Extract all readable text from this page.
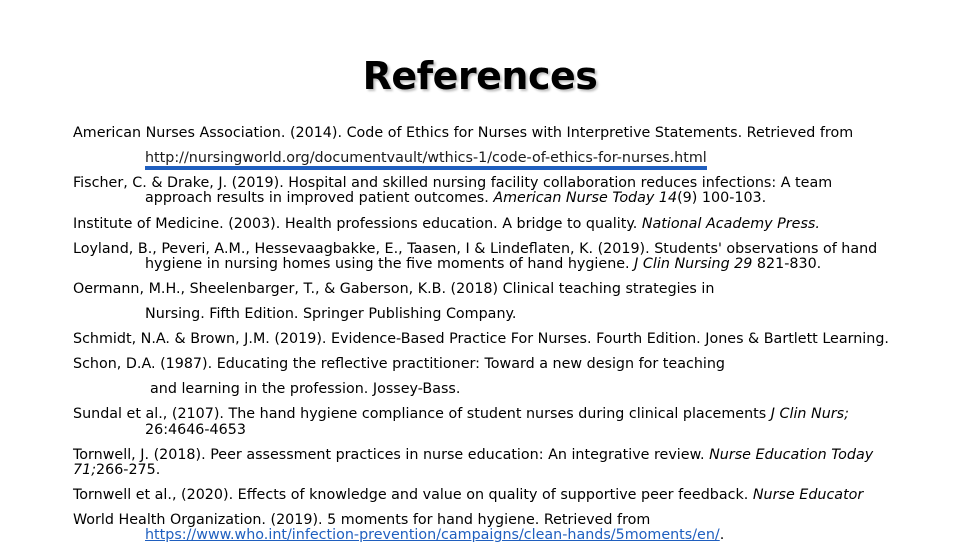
References
American Nurses Association. (2014). Code of Ethics for Nurses with Interpretive Statements. Retrieved from
http://nursingworld.org/documentvault/wthics-1/code-of-ethics-for-nurses.html
Fischer, C. & Drake, J. (2019). Hospital and skilled nursing facility collaboration reduces infections: A team
approach results in improved patient outcomes. American Nurse Today 14(9) 100-103.
Institute of Medicine. (2003). Health professions education. A bridge to quality. National Academy Press.
Loyland, B., Peveri, A.M., Hessevaagbakke, E., Taasen, I & Lindeflaten, K. (2019). Students' observations of hand
hygiene in nursing homes using the five moments of hand hygiene. J Clin Nursing 29 821-830.
Oermann, M.H., Sheelenbarger, T., & Gaberson, K.B. (2018) Clinical teaching strategies in
Nursing. Fifth Edition. Springer Publishing Company.
Schmidt, N.A. & Brown, J.M. (2019). Evidence-Based Practice For Nurses. Fourth Edition. Jones & Bartlett Learning.
Schon, D.A. (1987). Educating the reflective practitioner: Toward a new design for teaching
and learning in the profession. Jossey-Bass.
Sundal et al., (2107). The hand hygiene compliance of student nurses during clinical placements J Clin Nurs;
26:4646-4653
Tornwell, J. (2018). Peer assessment practices in nurse education: An integrative review. Nurse Education Today
71;266-275.
Tornwell et al., (2020). Effects of knowledge and value on quality of supportive peer feedback. Nurse Educator
World Health Organization. (2019). 5 moments for hand hygiene. Retrieved from
https://www.who.int/infection-prevention/campaigns/clean-hands/5moments/en/.
